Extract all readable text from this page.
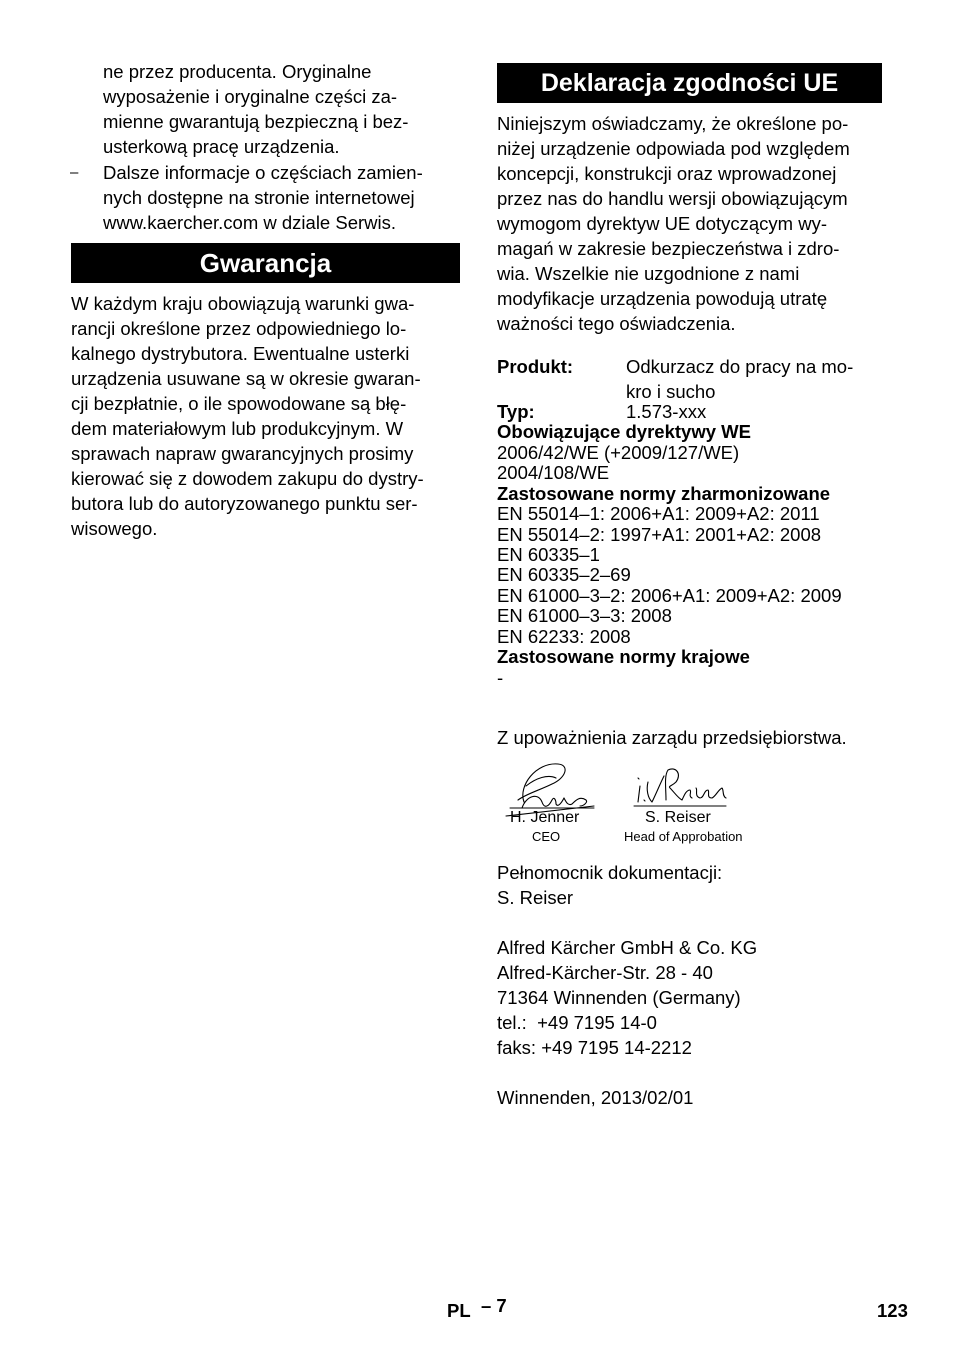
ne przez producenta. Oryginalne
wyposażenie i oryginalne części za-
mienne gwarantują bezpieczną i bez-
usterkową pracę urządzenia.
– Dalsze informacje o częściach zamien-
nych dostępne na stronie internetowej
www.kaercher.com w dziale Serwis.
Gwarancja
W każdym kraju obowiązują warunki gwa-
rancji określone przez odpowiedniego lo-
kalnego dystrybutora. Ewentualne usterki
urządzenia usuwane są w okresie gwaran-
cji bezpłatnie, o ile spowodowane są błę-
dem materiałowym lub produkcyjnym. W
sprawach napraw gwarancyjnych prosimy
kierować się z dowodem zakupu do dystry-
butora lub do autoryzowanego punktu ser-
wisowego.
Deklaracja zgodności UE
Niniejszym oświadczamy, że określone po-
niżej urządzenie odpowiada pod względem
koncepcji, konstrukcji oraz wprowadzonej
przez nas do handlu wersji obowiązującym
wymogom dyrektyw UE dotyczącym wy-
magań w zakresie bezpieczeństwa i zdro-
wia. Wszelkie nie uzgodnione z nami
modyfikacje urządzenia powodują utratę
ważności tego oświadczenia.
Produkt:	Odkurzacz do pracy na mo-
kro i sucho
Typ:	1.573-xxx
Obowiązujące dyrektywy WE
2006/42/WE (+2009/127/WE)
2004/108/WE
Zastosowane normy zharmonizowane
EN 55014–1: 2006+A1: 2009+A2: 2011
EN 55014–2: 1997+A1: 2001+A2: 2008
EN 60335–1
EN 60335–2–69
EN 61000–3–2: 2006+A1: 2009+A2: 2009
EN 61000–3–3: 2008
EN 62233: 2008
Zastosowane normy krajowe
-
Z upoważnienia zarządu przedsiębiorstwa.
H. Jenner
CEO
S. Reiser
Head of Approbation
Pełnomocnik dokumentacji:
S. Reiser
Alfred Kärcher GmbH & Co. KG
Alfred-Kärcher-Str. 28 - 40
71364 Winnenden (Germany)
tel.:  +49 7195 14-0
faks: +49 7195 14-2212
Winnenden, 2013/02/01
PL – 7	123
